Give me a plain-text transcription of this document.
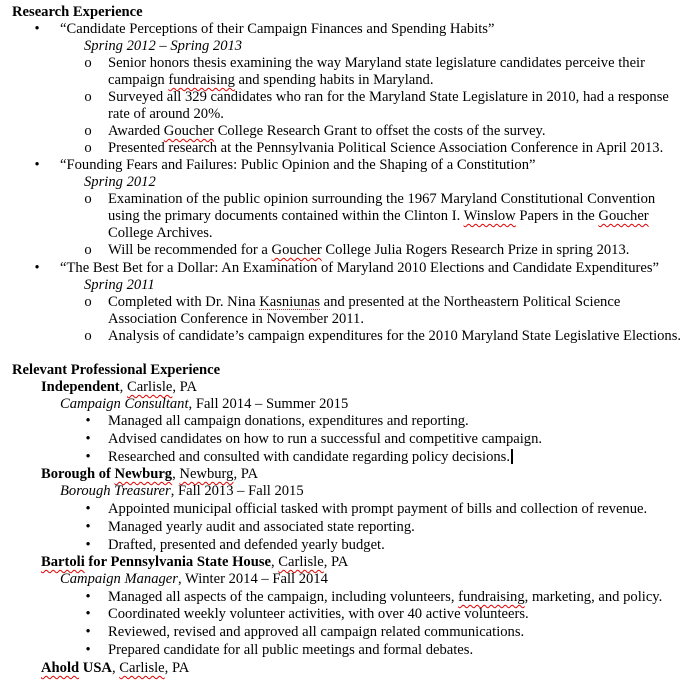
Research Experience
• “Candidate Perceptions of their Campaign Finances and Spending Habits”
Spring 2012 – Spring 2013
o Senior honors thesis examining the way Maryland state legislature candidates perceive their
campaign fundraising and spending habits in Maryland.
o Surveyed all 329 candidates who ran for the Maryland State Legislature in 2010, had a response
rate of around 20%.
o Awarded Goucher College Research Grant to offset the costs of the survey.
o Presented research at the Pennsylvania Political Science Association Conference in April 2013.
• “Founding Fears and Failures: Public Opinion and the Shaping of a Constitution”
Spring 2012
o Examination of the public opinion surrounding the 1967 Maryland Constitutional Convention
using the primary documents contained within the Clinton I. Winslow Papers in the Goucher
College Archives.
o Will be recommended for a Goucher College Julia Rogers Research Prize in spring 2013.
• “The Best Bet for a Dollar: An Examination of Maryland 2010 Elections and Candidate Expenditures”
Spring 2011
o Completed with Dr. Nina Kasniunas and presented at the Northeastern Political Science
Association Conference in November 2011.
o Analysis of candidate’s campaign expenditures for the 2010 Maryland State Legislative Elections.
Relevant Professional Experience
Independent, Carlisle, PA
Campaign Consultant, Fall 2014 – Summer 2015
• Managed all campaign donations, expenditures and reporting.
• Advised candidates on how to run a successful and competitive campaign.
• Researched and consulted with candidate regarding policy decisions.
Borough of Newburg, Newburg, PA
Borough Treasurer, Fall 2013 – Fall 2015
• Appointed municipal official tasked with prompt payment of bills and collection of revenue.
• Managed yearly audit and associated state reporting.
• Drafted, presented and defended yearly budget.
Bartoli for Pennsylvania State House, Carlisle, PA
Campaign Manager, Winter 2014 – Fall 2014
• Managed all aspects of the campaign, including volunteers, fundraising, marketing, and policy.
• Coordinated weekly volunteer activities, with over 40 active volunteers.
• Reviewed, revised and approved all campaign related communications.
• Prepared candidate for all public meetings and formal debates.
Ahold USA, Carlisle, PA
